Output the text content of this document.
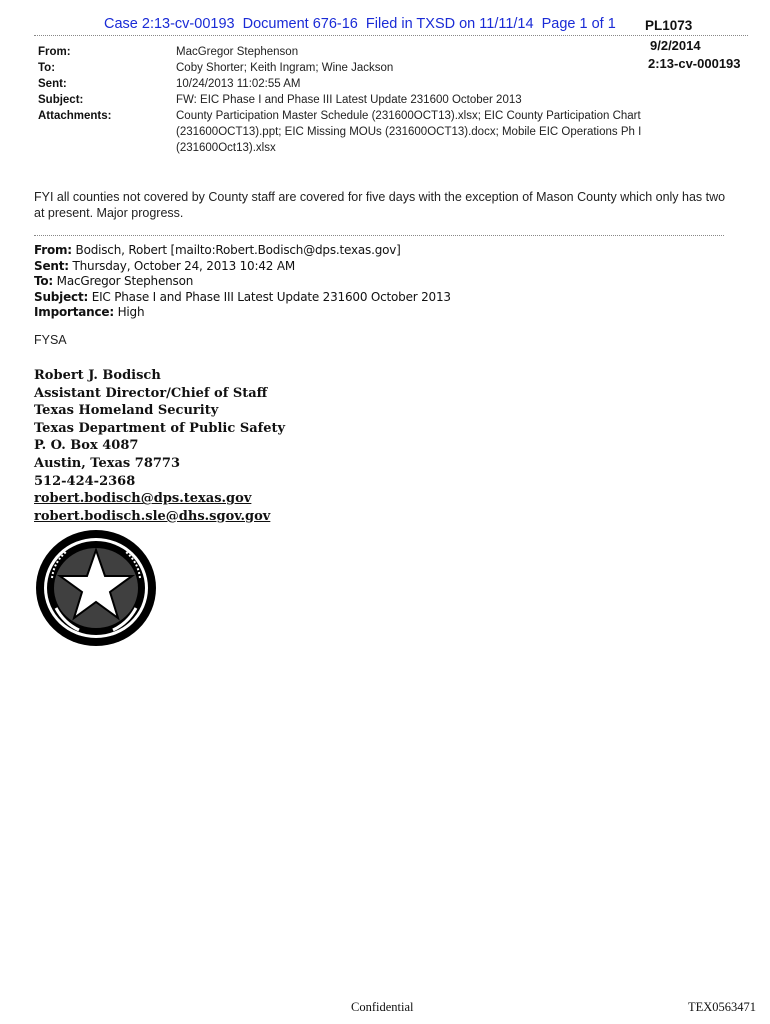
Case 2:13-cv-00193 Document 676-16 Filed in TXSD on 11/11/14 Page 1 of 1 PL1073
9/2/2014
2:13-cv-000193
From:	MacGregor Stephenson
To:	Coby Shorter; Keith Ingram; Wine Jackson
Sent:	10/24/2013 11:02:55 AM
Subject:	FW: EIC Phase I and Phase III Latest Update 231600 October 2013
Attachments:	County Participation Master Schedule (231600OCT13).xlsx; EIC County Participation Chart
(231600OCT13).ppt; EIC Missing MOUs (231600OCT13).docx; Mobile EIC Operations Ph I
(231600Oct13).xlsx
FYI all counties not covered by County staff are covered for five days with the exception of Mason County which only has two at present. Major progress.
From: Bodisch, Robert [mailto:Robert.Bodisch@dps.texas.gov]
Sent: Thursday, October 24, 2013 10:42 AM
To: MacGregor Stephenson
Subject: EIC Phase I and Phase III Latest Update 231600 October 2013
Importance: High
FYSA
Robert J. Bodisch
Assistant Director/Chief of Staff
Texas Homeland Security
Texas Department of Public Safety
P. O. Box 4087
Austin, Texas 78773
512-424-2368
robert.bodisch@dps.texas.gov
robert.bodisch.sle@dhs.sgov.gov
Confidential	TEX0563471
